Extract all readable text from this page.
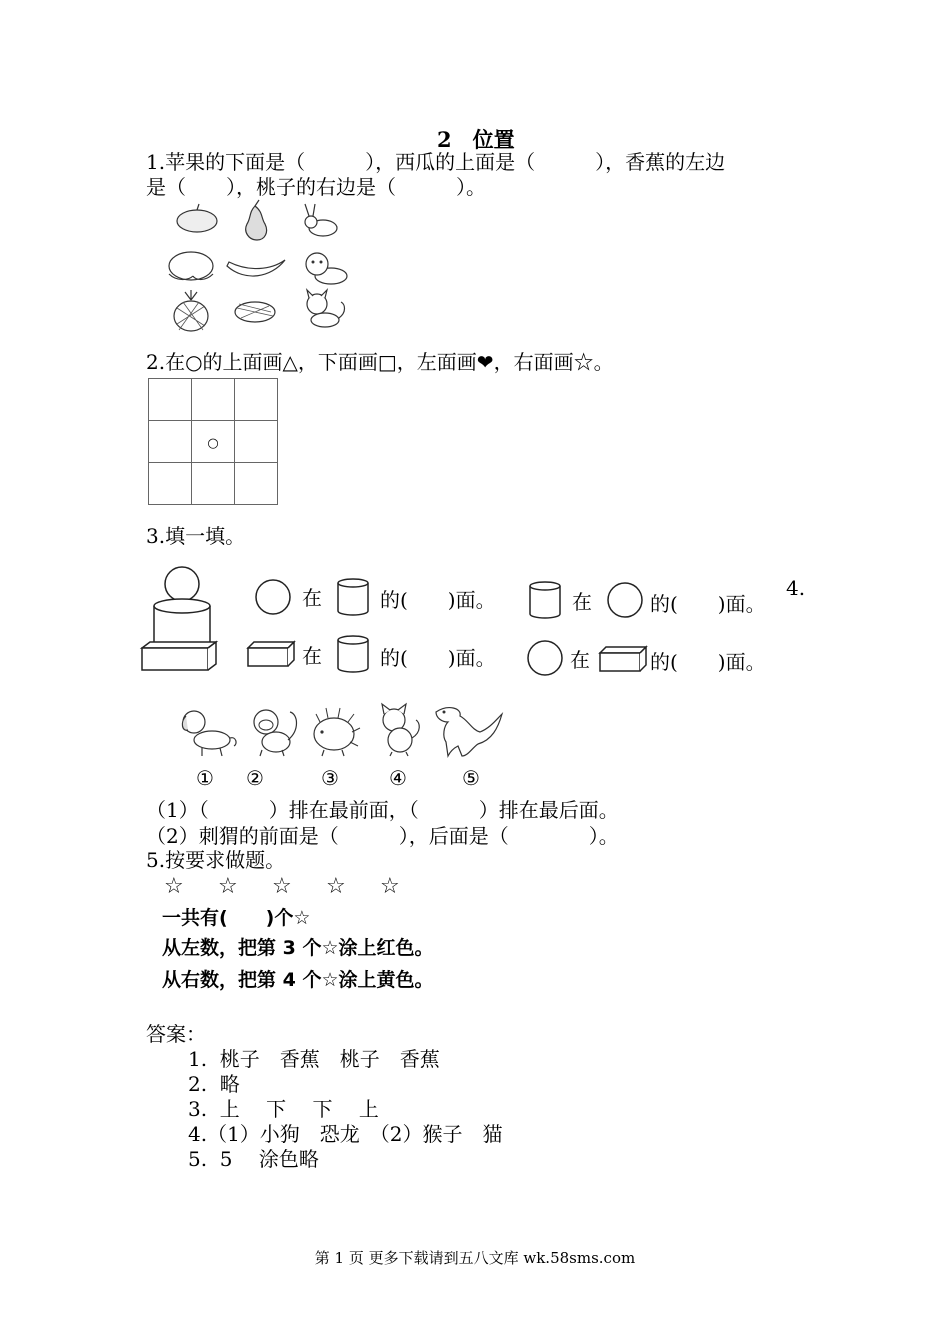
2　位置
1.苹果的下面是（　　　），西瓜的上面是（　　　），香蕉的左边
是（　　），桃子的右边是（　　　）。
2.在○的上面画△，下面画□，左面画❤，右面画☆。

	○	

3.填一填。
在	的(　　)面。	在	的(　　)面。
4.
在	的(　　)面。	在	的(　　)面。
① ②	③	④	⑤
（1）（　　　）排在最前面，（　　　）排在最后面。
（2）刺猬的前面是（　　　），后面是（　　　　）。
5.按要求做题。
☆ ☆ ☆ ☆ ☆
一共有(　　)个☆
从左数，把第 3 个☆涂上红色。
从右数，把第 4 个☆涂上黄色。
答案：
1.  桃子　香蕉　桃子　香蕉
2.  略
3.  上　 下 　下 　上
4.（1）小狗　恐龙　（2）猴子　猫
5.  5　 涂色略
第 1 页 更多下载请到五八文库 wk.58sms.com
